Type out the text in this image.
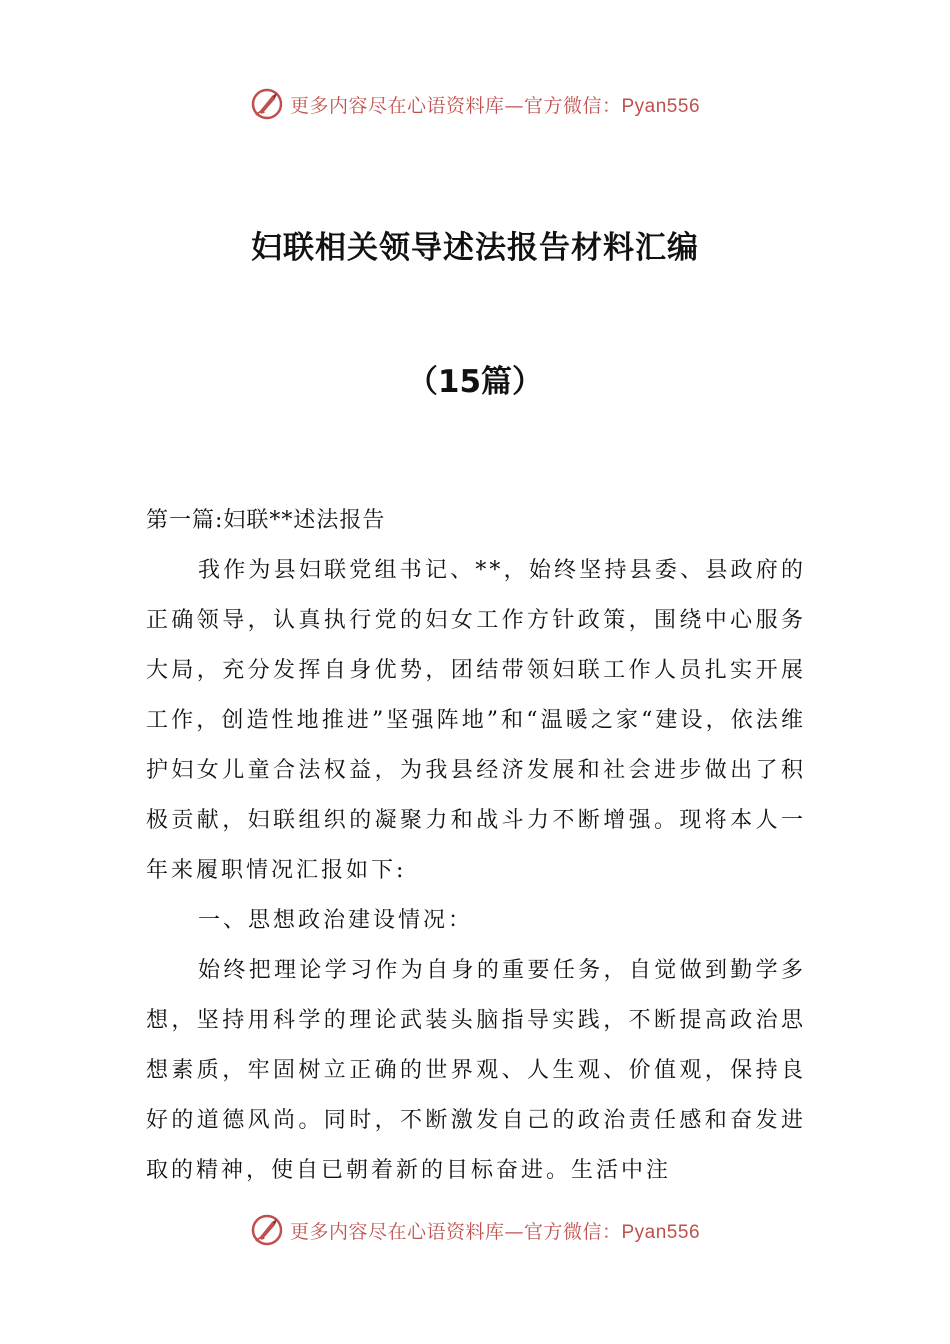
更多内容尽在心语资料库—官方微信：Pyan556
妇联相关领导述法报告材料汇编
（15篇）

第一篇:妇联**述法报告

我作为县妇联党组书记、**，始终坚持县委、县政府的正确领导，认真执行党的妇女工作方针政策，围绕中心服务大局，充分发挥自身优势，团结带领妇联工作人员扎实开展工作，创造性地推进”坚强阵地”和“温暖之家“建设，依法维护妇女儿童合法权益，为我县经济发展和社会进步做出了积极贡献，妇联组织的凝聚力和战斗力不断增强。现将本人一年来履职情况汇报如下:

一、思想政治建设情况：

始终把理论学习作为自身的重要任务，自觉做到勤学多想，坚持用科学的理论武装头脑指导实践，不断提高政治思想素质，牢固树立正确的世界观、人生观、价值观，保持良好的道德风尚。同时，不断激发自己的政治责任感和奋发进取的精神，使自已朝着新的目标奋进。生活中注

更多内容尽在心语资料库—官方微信：Pyan556
